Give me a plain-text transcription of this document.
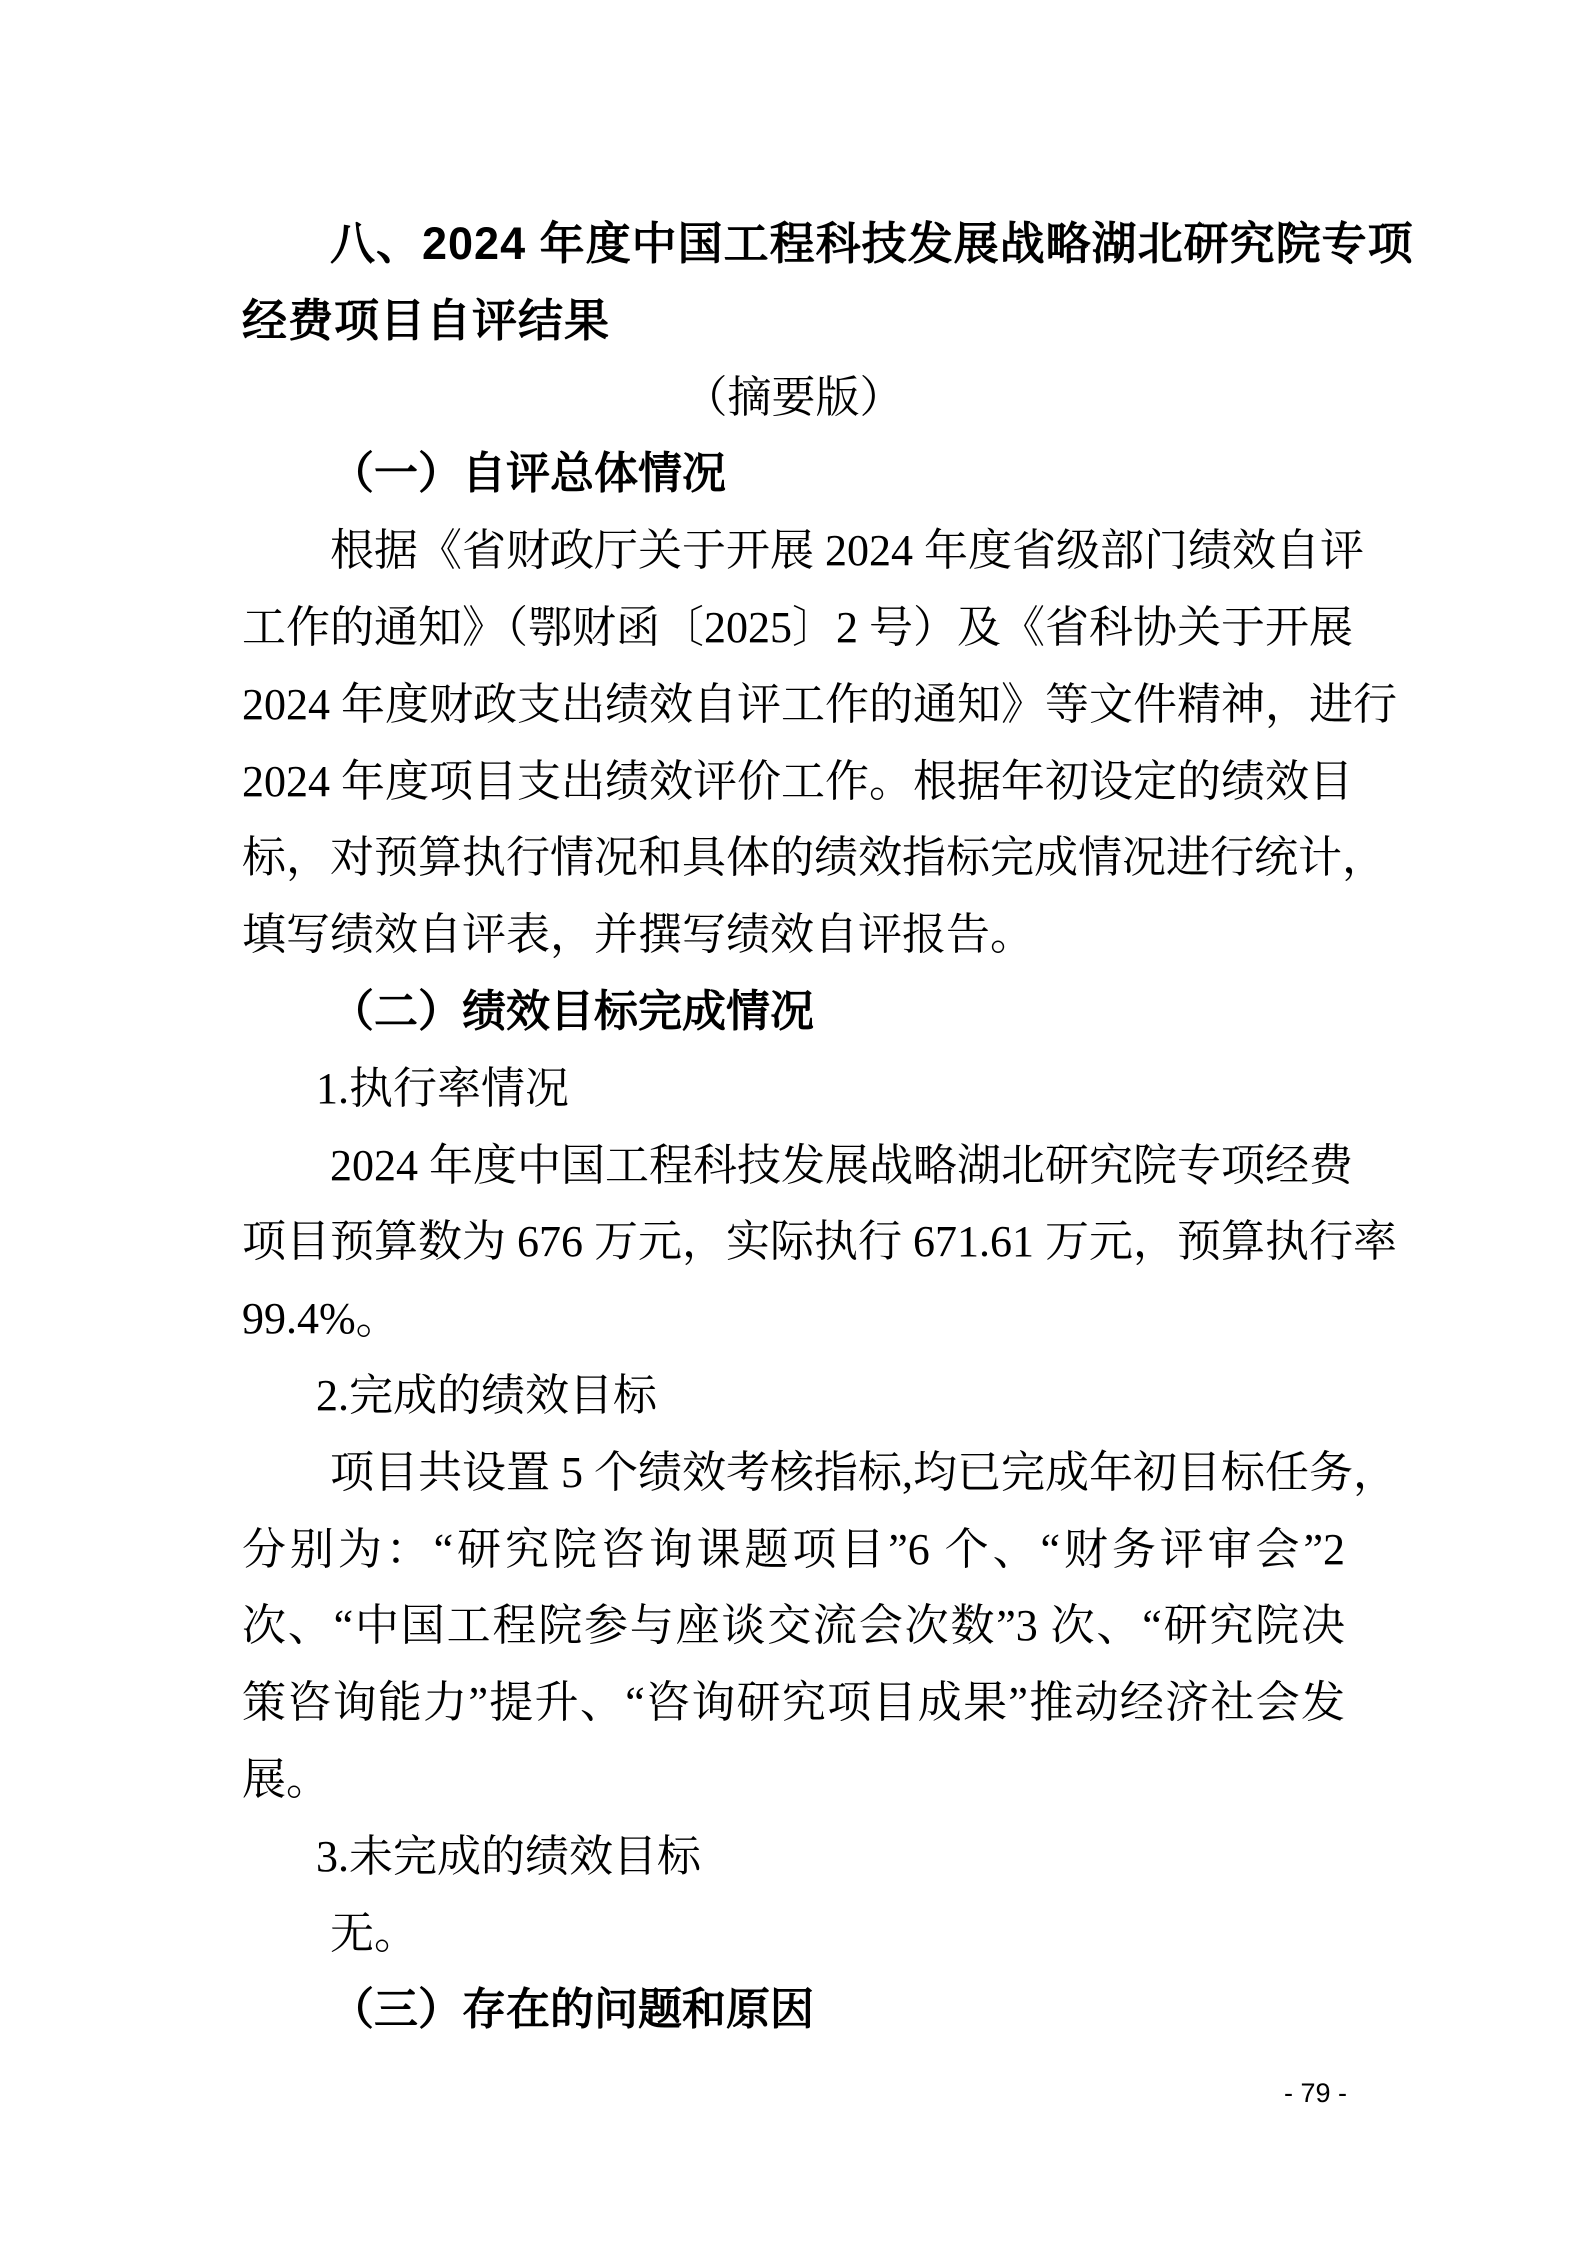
八、2024 年度中国工程科技发展战略湖北研究院专项
经费项目自评结果
（摘要版）
（一）自评总体情况
根据《省财政厅关于开展 2024 年度省级部门绩效自评
工作的通知》（鄂财函〔2025〕2 号）及《省科协关于开展
2024 年度财政支出绩效自评工作的通知》等文件精神，进行
2024 年度项目支出绩效评价工作。根据年初设定的绩效目
标，对预算执行情况和具体的绩效指标完成情况进行统计，
填写绩效自评表，并撰写绩效自评报告。
（二）绩效目标完成情况
1.执行率情况
2024 年度中国工程科技发展战略湖北研究院专项经费
项目预算数为 676 万元，实际执行 671.61 万元，预算执行率
99.4%。
2.完成的绩效目标
项目共设置 5 个绩效考核指标,均已完成年初目标任务，
分别为：“研究院咨询课题项目”6 个、“财务评审会”2
次、“中国工程院参与座谈交流会次数”3 次、“研究院决
策咨询能力”提升、“咨询研究项目成果”推动经济社会发
展。
3.未完成的绩效目标
无。
（三）存在的问题和原因
- 79 -
